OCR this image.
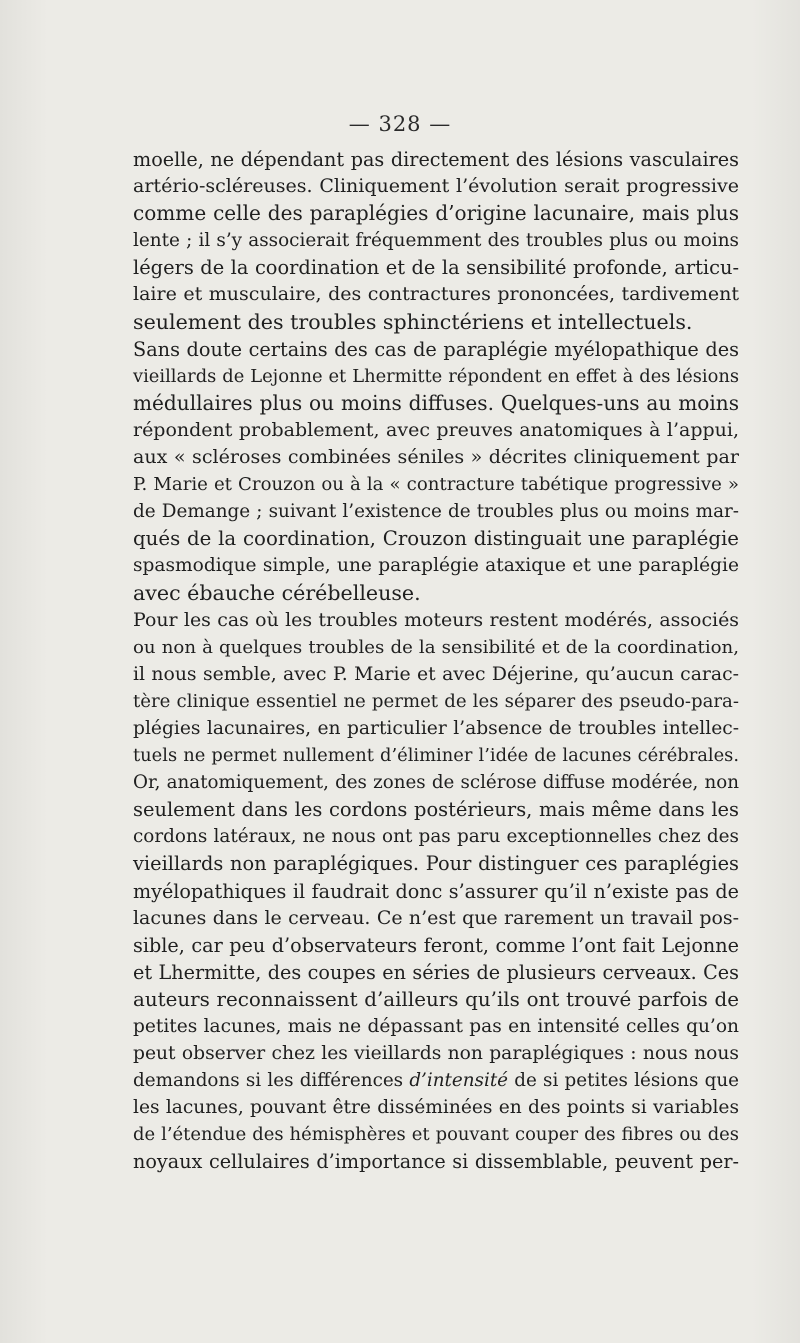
— 328 —

moelle, ne dépendant pas directement des lésions vasculaires
artério-scléreuses. Cliniquement l’évolution serait progressive
comme celle des paraplégies d’origine lacunaire, mais plus
lente ; il s’y associerait fréquemment des troubles plus ou moins
légers de la coordination et de la sensibilité profonde, articu-
laire et musculaire, des contractures prononcées, tardivement
seulement des troubles sphinctériens et intellectuels.

Sans doute certains des cas de paraplégie myélopathique des
vieillards de Lejonne et Lhermitte répondent en effet à des lésions
médullaires plus ou moins diffuses. Quelques-uns au moins
répondent probablement, avec preuves anatomiques à l’appui,
aux « scléroses combinées séniles » décrites cliniquement par
P. Marie et Crouzon ou à la « contracture tabétique progressive »
de Demange ; suivant l’existence de troubles plus ou moins mar-
qués de la coordination, Crouzon distinguait une paraplégie
spasmodique simple, une paraplégie ataxique et une paraplégie
avec ébauche cérébelleuse.

Pour les cas où les troubles moteurs restent modérés, associés
ou non à quelques troubles de la sensibilité et de la coordination,
il nous semble, avec P. Marie et avec Déjerine, qu’aucun carac-
tère clinique essentiel ne permet de les séparer des pseudo-para-
plégies lacunaires, en particulier l’absence de troubles intellec-
tuels ne permet nullement d’éliminer l’idée de lacunes cérébrales.
Or, anatomiquement, des zones de sclérose diffuse modérée, non
seulement dans les cordons postérieurs, mais même dans les
cordons latéraux, ne nous ont pas paru exceptionnelles chez des
vieillards non paraplégiques. Pour distinguer ces paraplégies
myélopathiques il faudrait donc s’assurer qu’il n’existe pas de
lacunes dans le cerveau. Ce n’est que rarement un travail pos-
sible, car peu d’observateurs feront, comme l’ont fait Lejonne
et Lhermitte, des coupes en séries de plusieurs cerveaux. Ces
auteurs reconnaissent d’ailleurs qu’ils ont trouvé parfois de
petites lacunes, mais ne dépassant pas en intensité celles qu’on
peut observer chez les vieillards non paraplégiques : nous nous
demandons si les différences d’intensité de si petites lésions que
les lacunes, pouvant être disséminées en des points si variables
de l’étendue des hémisphères et pouvant couper des fibres ou des
noyaux cellulaires d’importance si dissemblable, peuvent per-
